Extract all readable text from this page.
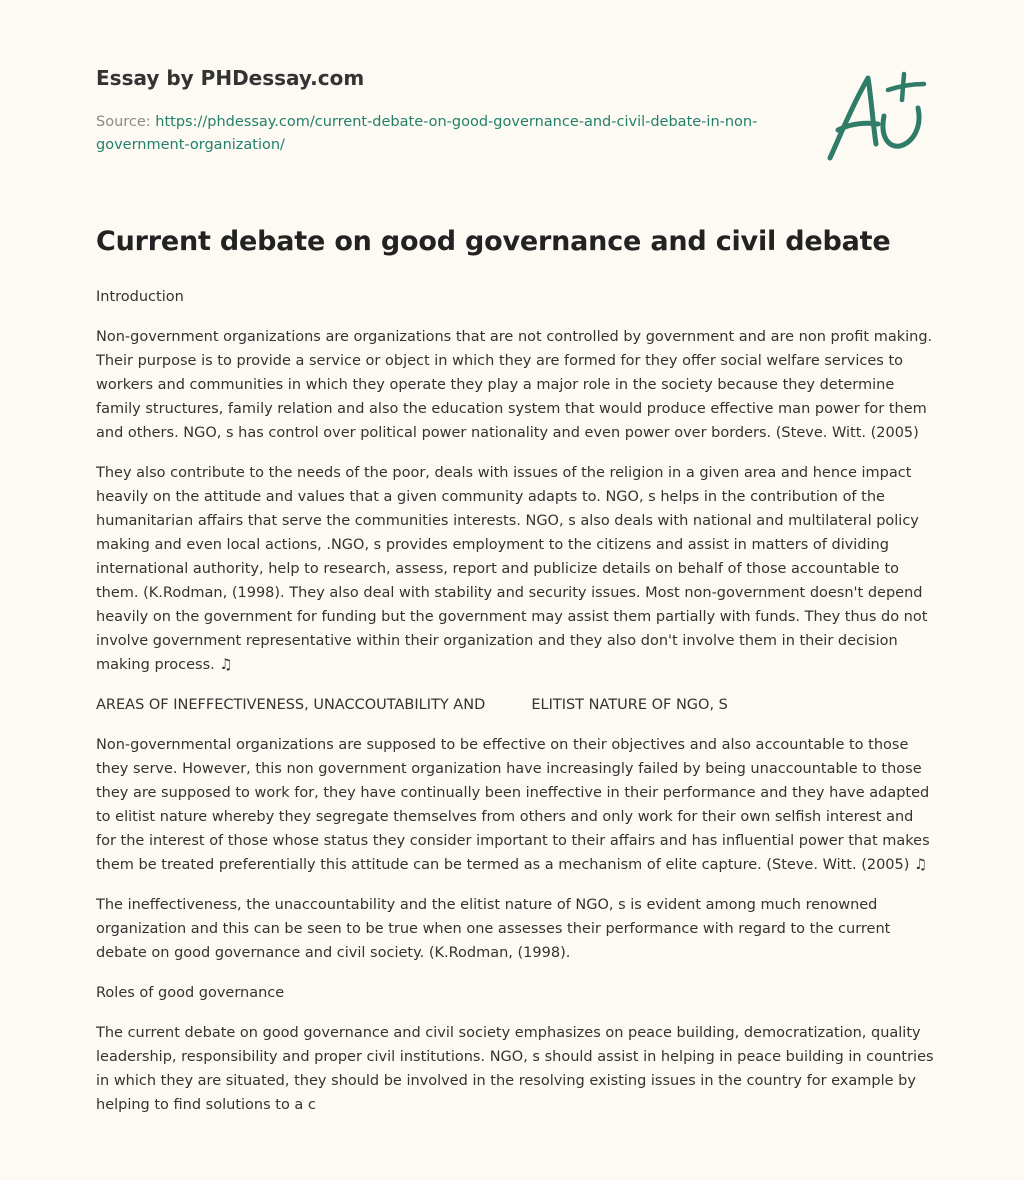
Essay by PHDessay.com
Source: https://phdessay.com/current-debate-on-good-governance-and-civil-debate-in-non-government-organization/
Current debate on good governance and civil debate

Introduction

Non-government organizations are organizations that are not controlled by government and are non profit making. Their purpose is to provide a service or object in which they are formed for they offer social welfare services to workers and communities in which they operate they play a major role in the society because they determine family structures, family relation and also the education system that would produce effective man power for them and others. NGO, s has control over political power nationality and even power over borders. (Steve. Witt. (2005)

They also contribute to the needs of the poor, deals with issues of the religion in a given area and hence impact heavily on the attitude and values that a given community adapts to. NGO, s helps in the contribution of the humanitarian affairs that serve the communities interests. NGO, s also deals with national and multilateral policy making and even local actions, .NGO, s provides employment to the citizens and assist in matters of dividing international authority, help to research, assess, report and publicize details on behalf of those accountable to them. (K.Rodman, (1998). They also deal with stability and security issues. Most non-government doesn't depend heavily on the government for funding but the government may assist them partially with funds. They thus do not involve government representative within their organization and they also don't involve them in their decision making process. ♫

AREAS OF INEFFECTIVENESS, UNACCOUTABILITY AND          ELITIST NATURE OF NGO, S

Non-governmental organizations are supposed to be effective on their objectives and also accountable to those they serve. However, this non government organization have increasingly failed by being unaccountable to those they are supposed to work for, they have continually been ineffective in their performance and they have adapted to elitist nature whereby they segregate themselves from others and only work for their own selfish interest and for the interest of those whose status they consider important to their affairs and has influential power that makes them be treated preferentially this attitude can be termed as a mechanism of elite capture. (Steve. Witt. (2005) ♫

The ineffectiveness, the unaccountability and the elitist nature of NGO, s is evident among much renowned organization and this can be seen to be true when one assesses their performance with regard to the current debate on good governance and civil society. (K.Rodman, (1998).

Roles of good governance

The current debate on good governance and civil society emphasizes on peace building, democratization, quality leadership, responsibility and proper civil institutions. NGO, s should assist in helping in peace building in countries in which they are situated, they should be involved in the resolving existing issues in the country for example by helping to find solutions to a c
